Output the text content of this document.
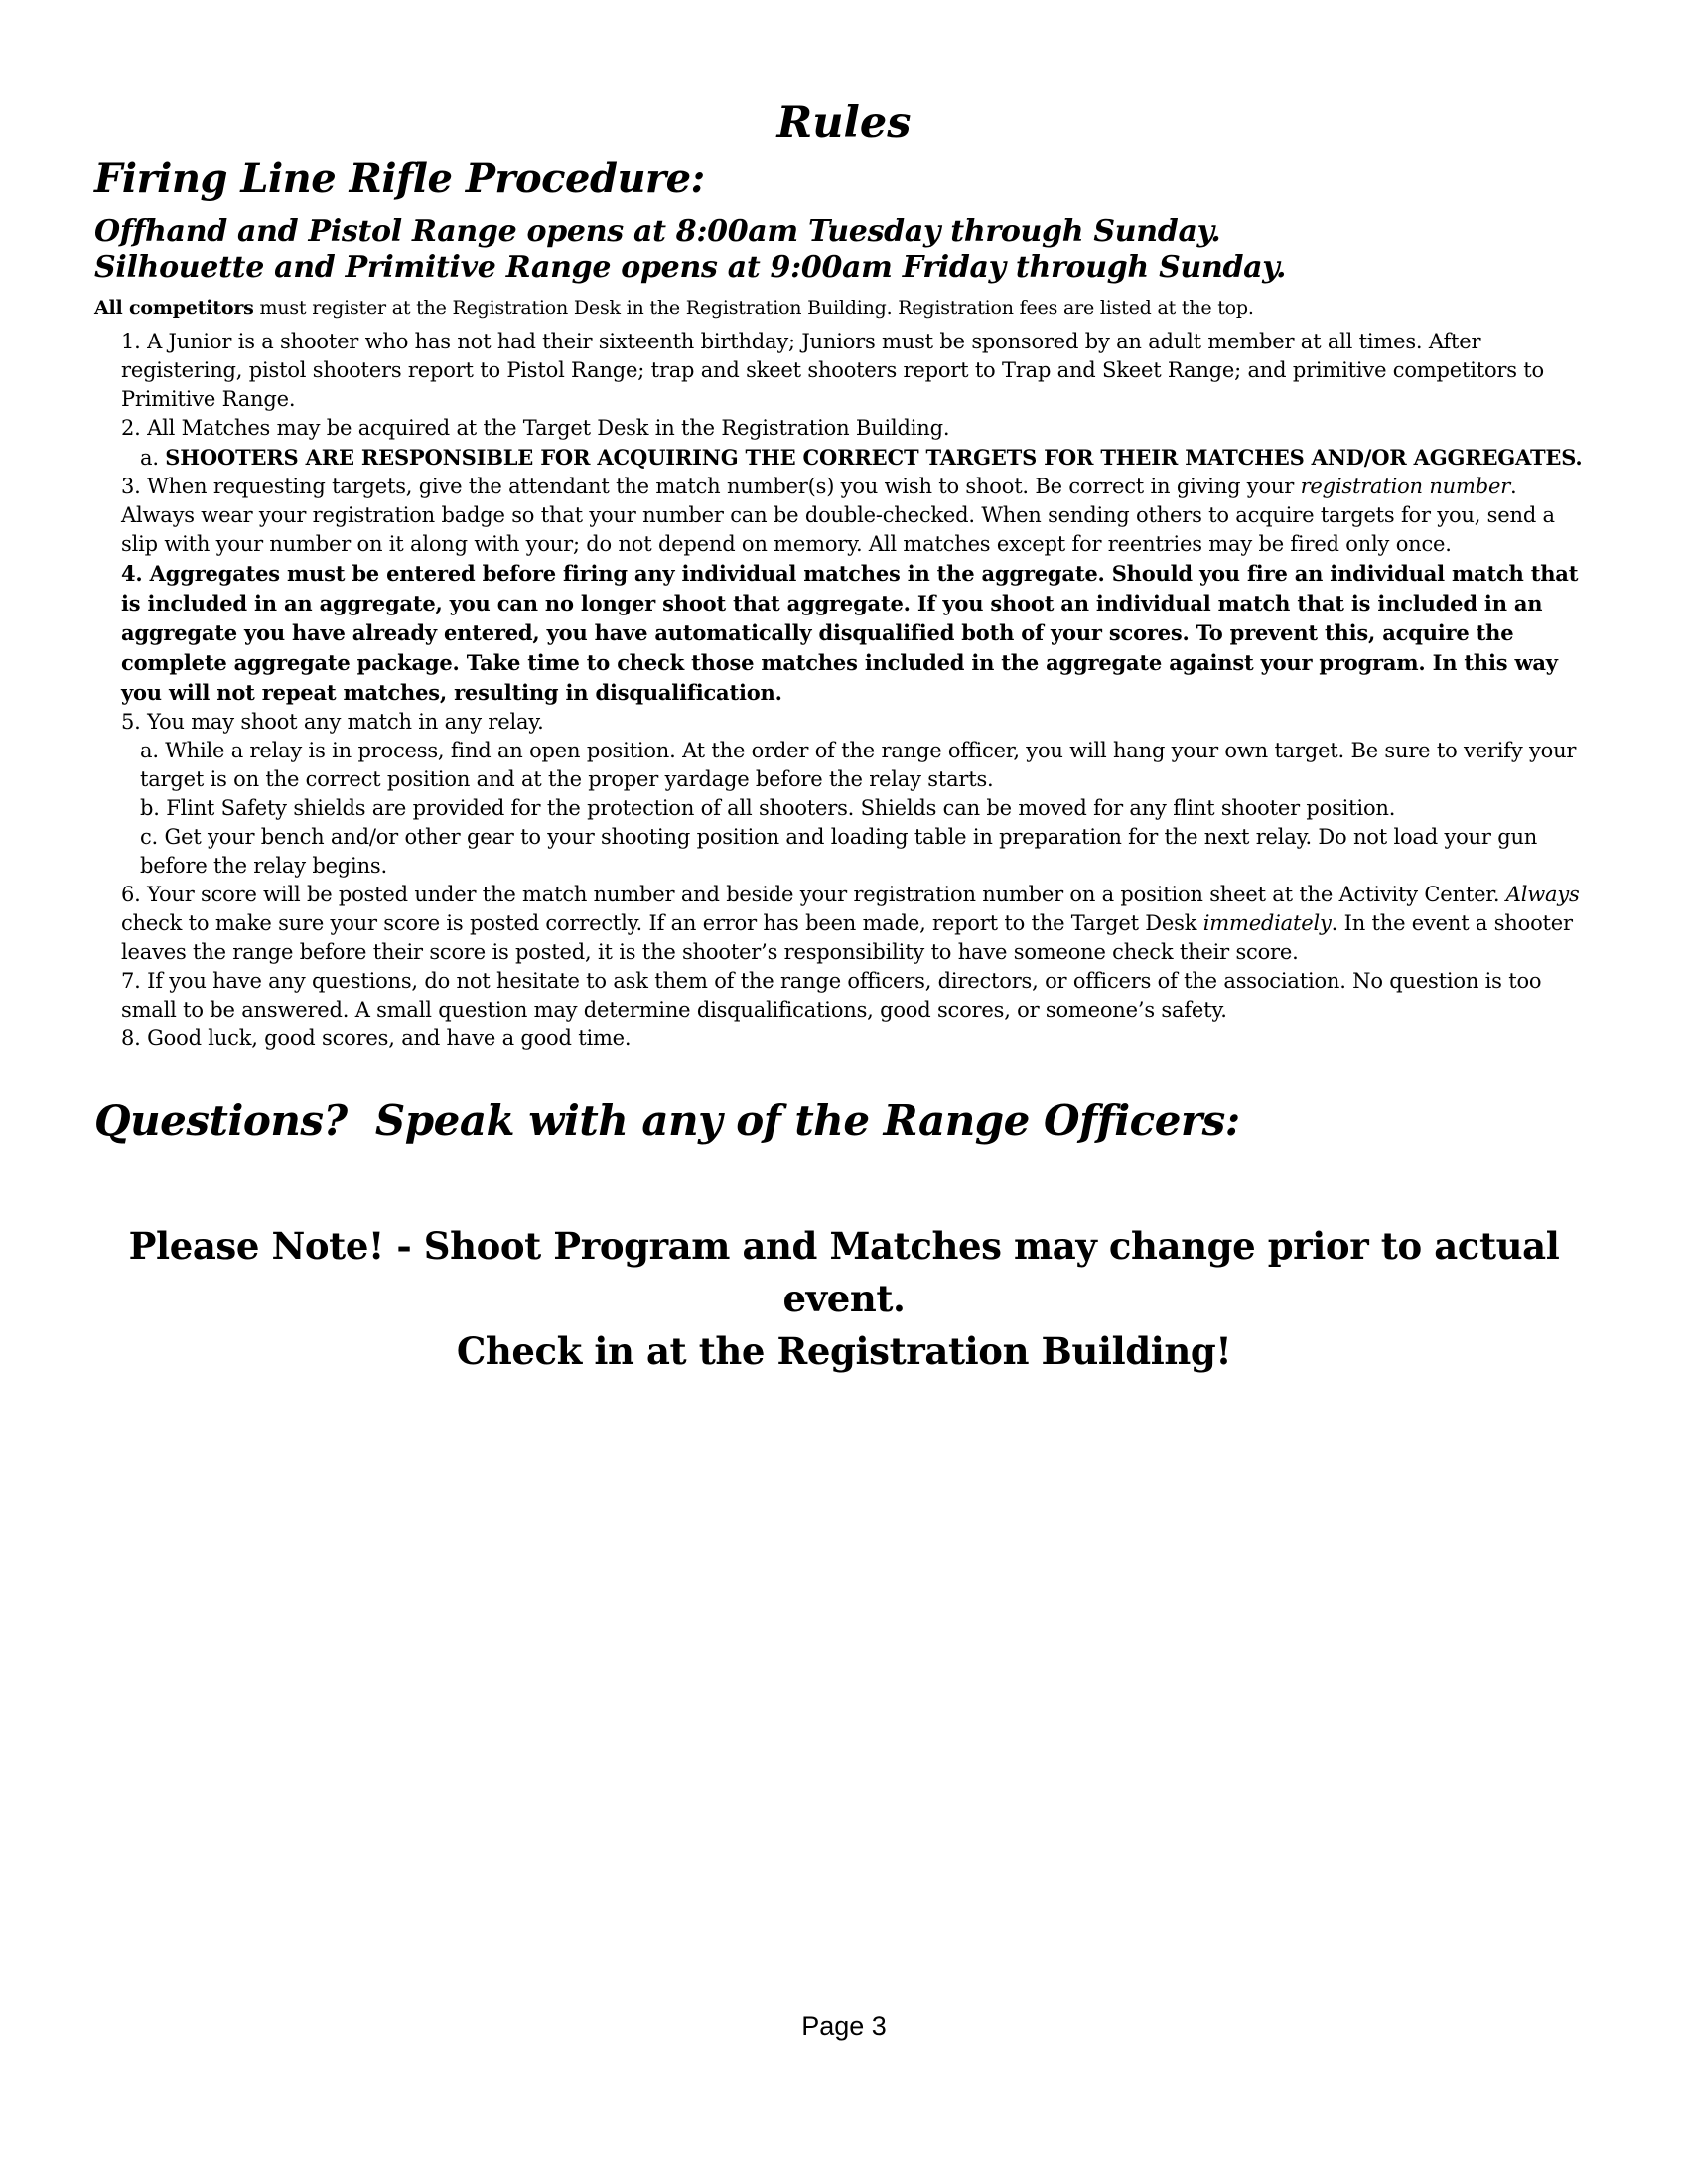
Rules
Firing Line Rifle Procedure:
Offhand and Pistol Range opens at 8:00am Tuesday through Sunday.
Silhouette and Primitive Range opens at 9:00am Friday through Sunday.

All competitors must register at the Registration Desk in the Registration Building. Registration fees are listed at the top.

1. A Junior is a shooter who has not had their sixteenth birthday; Juniors must be sponsored by an adult member at all times. After registering, pistol shooters report to Pistol Range; trap and skeet shooters report to Trap and Skeet Range; and primitive competitors to Primitive Range.

2. All Matches may be acquired at the Target Desk in the Registration Building.

a. SHOOTERS ARE RESPONSIBLE FOR ACQUIRING THE CORRECT TARGETS FOR THEIR MATCHES AND/OR AGGREGATES.

3. When requesting targets, give the attendant the match number(s) you wish to shoot. Be correct in giving your registration number. Always wear your registration badge so that your number can be double-checked. When sending others to acquire targets for you, send a slip with your number on it along with your; do not depend on memory. All matches except for reentries may be fired only once.

4. Aggregates must be entered before firing any individual matches in the aggregate. Should you fire an individual match that is included in an aggregate, you can no longer shoot that aggregate. If you shoot an individual match that is included in an aggregate you have already entered, you have automatically disqualified both of your scores. To prevent this, acquire the complete aggregate package. Take time to check those matches included in the aggregate against your program. In this way you will not repeat matches, resulting in disqualification.

5. You may shoot any match in any relay.

a. While a relay is in process, find an open position. At the order of the range officer, you will hang your own target. Be sure to verify your target is on the correct position and at the proper yardage before the relay starts.

b. Flint Safety shields are provided for the protection of all shooters. Shields can be moved for any flint shooter position.

c. Get your bench and/or other gear to your shooting position and loading table in preparation for the next relay. Do not load your gun before the relay begins.

6. Your score will be posted under the match number and beside your registration number on a position sheet at the Activity Center. Always check to make sure your score is posted correctly. If an error has been made, report to the Target Desk immediately. In the event a shooter leaves the range before their score is posted, it is the shooter’s responsibility to have someone check their score.

7. If you have any questions, do not hesitate to ask them of the range officers, directors, or officers of the association. No question is too small to be answered. A small question may determine disqualifications, good scores, or someone’s safety.

8. Good luck, good scores, and have a good time.

Questions?  Speak with any of the Range Officers:
Please Note! - Shoot Program and Matches may change prior to actual event.
Check in at the Registration Building!
Page 3
